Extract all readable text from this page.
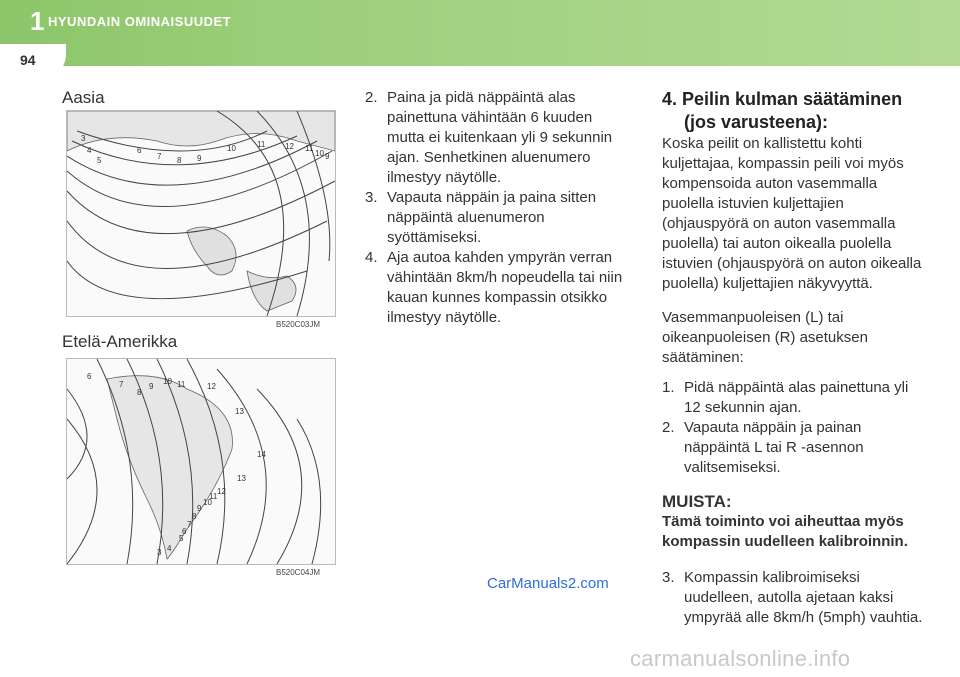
1 HYUNDAIN OMINAISUUDET
94
Aasia
3
4
5
6
7 8 9
10	11 12 11
10 9
B520C03JM
Etelä-Amerikka
6
7
8
9
10 11	12
13
14
13
12
11
10
9
8
7
6
5
4
3
B520C04JM
2. Paina ja pidä näppäintä alas painettuna vähintään 6 kuuden mutta ei kuitenkaan yli 9 sekunnin ajan. Senhetkinen aluenumero ilmestyy näytölle.
3. Vapauta näppäin ja paina sitten näppäintä aluenumeron syöttämiseksi.
4. Aja autoa kahden ympyrän verran vähintään 8km/h nopeudella tai niin kauan kunnes kompassin otsikko ilmestyy näytölle.
4. Peilin kulman säätäminen
(jos varusteena):

Koska peilit on kallistettu kohti kuljettajaa, kompassin peili voi myös kompensoida auton vasemmalla puolella istuvien kuljettajien (ohjauspyörä on auton vasemmalla puolella) tai auton oikealla puolella istuvien (ohjauspyörä on auton oikealla puolella) kuljettajien näkyvyyttä.

Vasemmanpuoleisen (L) tai oikeanpuoleisen (R) asetuksen säätäminen:

1. Pidä näppäintä alas painettuna yli 12 sekunnin ajan.
2. Vapauta näppäin ja painan näppäintä L tai R -asennon valitsemiseksi.
MUISTA:
Tämä toiminto voi aiheuttaa myös kompassin uudelleen kalibroinnin.
3. Kompassin kalibroimiseksi uudelleen, autolla ajetaan kaksi ympyrää alle 8km/h (5mph) vauhtia.
CarManuals2.com
carmanualsonline.info
